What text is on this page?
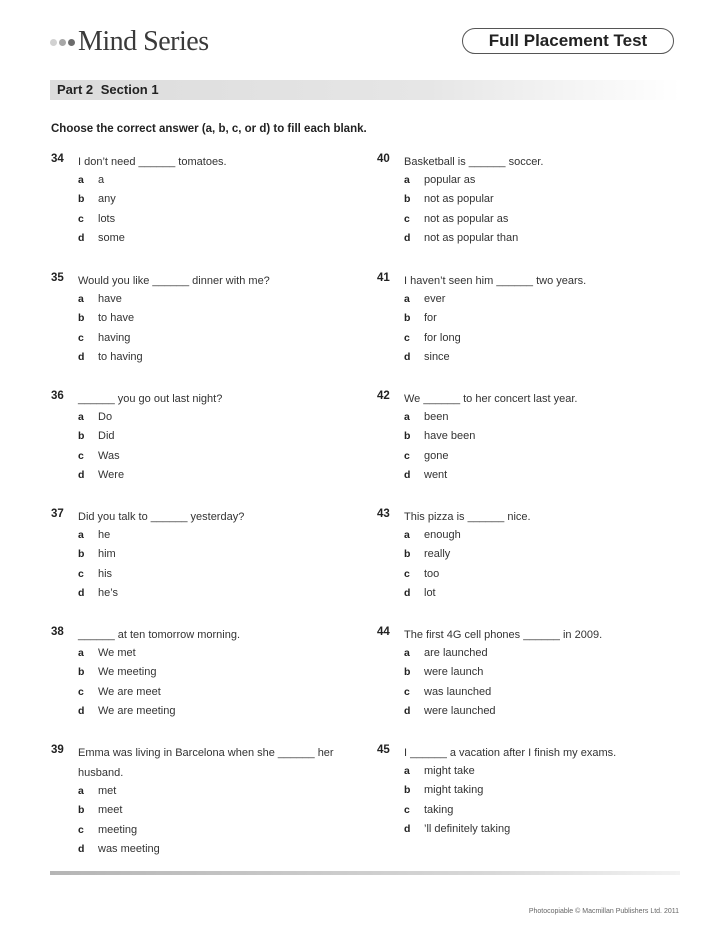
Mind Series	Full Placement Test
Part 2 Section 1
Choose the correct answer (a, b, c, or d) to fill each blank.
34 I don’t need ______ tomatoes.
a a
b any
c lots
d some
35 Would you like ______ dinner with me?
a have
b to have
c having
d to having
36 ______ you go out last night?
a Do
b Did
c Was
d Were
37 Did you talk to ______ yesterday?
a he
b him
c his
d he’s
38 ______ at ten tomorrow morning.
a We met
b We meeting
c We are meet
d We are meeting
39 Emma was living in Barcelona when she ______ her husband.
a met
b meet
c meeting
d was meeting
40 Basketball is ______ soccer.
a popular as
b not as popular
c not as popular as
d not as popular than
41 I haven’t seen him ______ two years.
a ever
b for
c for long
d since
42 We ______ to her concert last year.
a been
b have been
c gone
d went
43 This pizza is ______ nice.
a enough
b really
c too
d lot
44 The first 4G cell phones ______ in 2009.
a are launched
b were launch
c was launched
d were launched
45 I ______ a vacation after I finish my exams.
a might take
b might taking
c taking
d ’ll definitely taking
Photocopiable © Macmillan Publishers Ltd. 2011
